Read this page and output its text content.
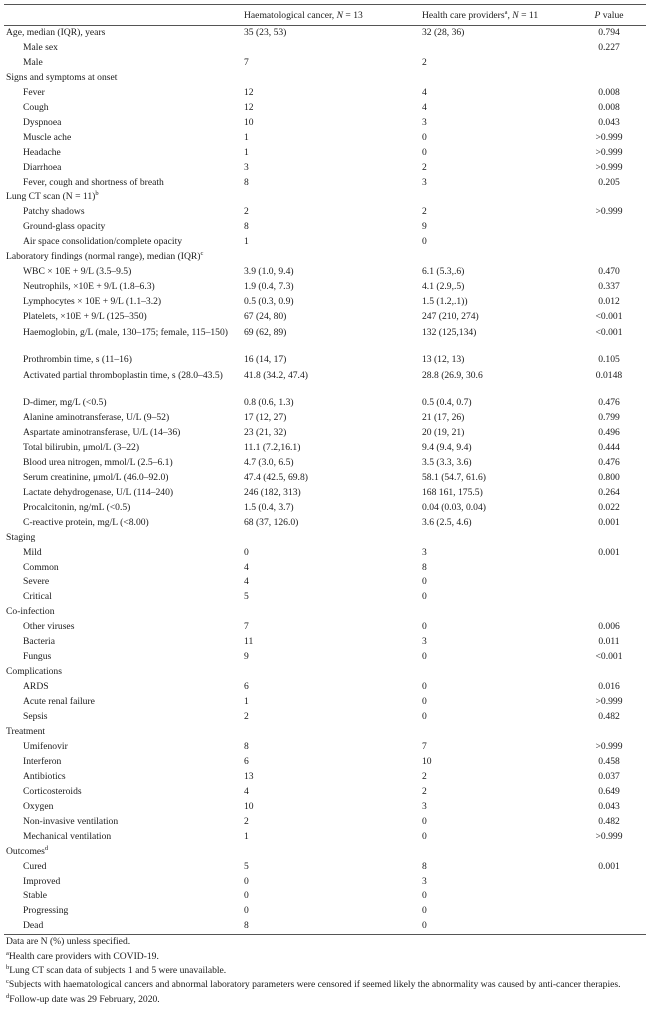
	Haematological cancer, N = 13	Health care providers$^a$, N = 11	P value
Age, median (IQR), years	35 (23, 53)	32 (28, 36)	0.794
Male sex			0.227
Male	7	2	
Signs and symptoms at onset			
Fever	12	4	0.008
Cough	12	4	0.008
Dyspnoea	10	3	0.043
Muscle ache	1	0	>0.999
Headache	1	0	>0.999
Diarrhoea	3	2	>0.999
Fever, cough and shortness of breath	8	3	0.205
Lung CT scan (N = 11)$^b$			
Patchy shadows	2	2	>0.999
Ground-glass opacity	8	9	
Air space consolidation/complete opacity	1	0	
Laboratory findings (normal range), median (IQR)$^c$			
WBC × 10E + 9/L (3.5–9.5)	3.9 (1.0, 9.4)	6.1 (5.3,.6)	0.470
Neutrophils, ×10E + 9/L (1.8–6.3)	1.9 (0.4, 7.3)	4.1 (2.9,.5)	0.337
Lymphocytes × 10E + 9/L (1.1–3.2)	0.5 (0.3, 0.9)	1.5 (1.2,.1))	0.012
Platelets, ×10E + 9/L (125–350)	67 (24, 80)	247 (210, 274)	<0.001
Haemoglobin, g/L (male, 130–175; female, 115–150)	69 (62, 89)	132 (125,134)	<0.001
Prothrombin time, s (11–16)	16 (14, 17)	13 (12, 13)	0.105
Activated partial thromboplastin time, s (28.0–43.5)	41.8 (34.2, 47.4)	28.8 (26.9, 30.6	0.0148
D-dimer, mg/L (<0.5)	0.8 (0.6, 1.3)	0.5 (0.4, 0.7)	0.476
Alanine aminotransferase, U/L (9–52)	17 (12, 27)	21 (17, 26)	0.799
Aspartate aminotransferase, U/L (14–36)	23 (21, 32)	20 (19, 21)	0.496
Total bilirubin, μmol/L (3–22)	11.1 (7.2,16.1)	9.4 (9.4, 9.4)	0.444
Blood urea nitrogen, mmol/L (2.5–6.1)	4.7 (3.0, 6.5)	3.5 (3.3, 3.6)	0.476
Serum creatinine, μmol/L (46.0–92.0)	47.4 (42.5, 69.8)	58.1 (54.7, 61.6)	0.800
Lactate dehydrogenase, U/L (114–240)	246 (182, 313)	168 161, 175.5)	0.264
Procalcitonin, ng/mL (<0.5)	1.5 (0.4, 3.7)	0.04 (0.03, 0.04)	0.022
C-reactive protein, mg/L (<8.00)	68 (37, 126.0)	3.6 (2.5, 4.6)	0.001
Staging			
Mild	0	3	0.001
Common	4	8	
Severe	4	0	
Critical	5	0	
Co-infection			
Other viruses	7	0	0.006
Bacteria	11	3	0.011
Fungus	9	0	<0.001
Complications			
ARDS	6	0	0.016
Acute renal failure	1	0	>0.999
Sepsis	2	0	0.482
Treatment			
Umifenovir	8	7	>0.999
Interferon	6	10	0.458
Antibiotics	13	2	0.037
Corticosteroids	4	2	0.649
Oxygen	10	3	0.043
Non-invasive ventilation	2	0	0.482
Mechanical ventilation	1	0	>0.999
Outcomes$^d$			
Cured	5	8	0.001
Improved	0	3	
Stable	0	0	
Progressing	0	0	
Dead	8	0	

Data are N (%) unless specified.

$^a$Health care providers with COVID-19.

$^b$Lung CT scan data of subjects 1 and 5 were unavailable.

$^c$Subjects with haematological cancers and abnormal laboratory parameters were censored if seemed likely the abnormality was caused by anti-cancer therapies.

$^d$Follow-up date was 29 February, 2020.
